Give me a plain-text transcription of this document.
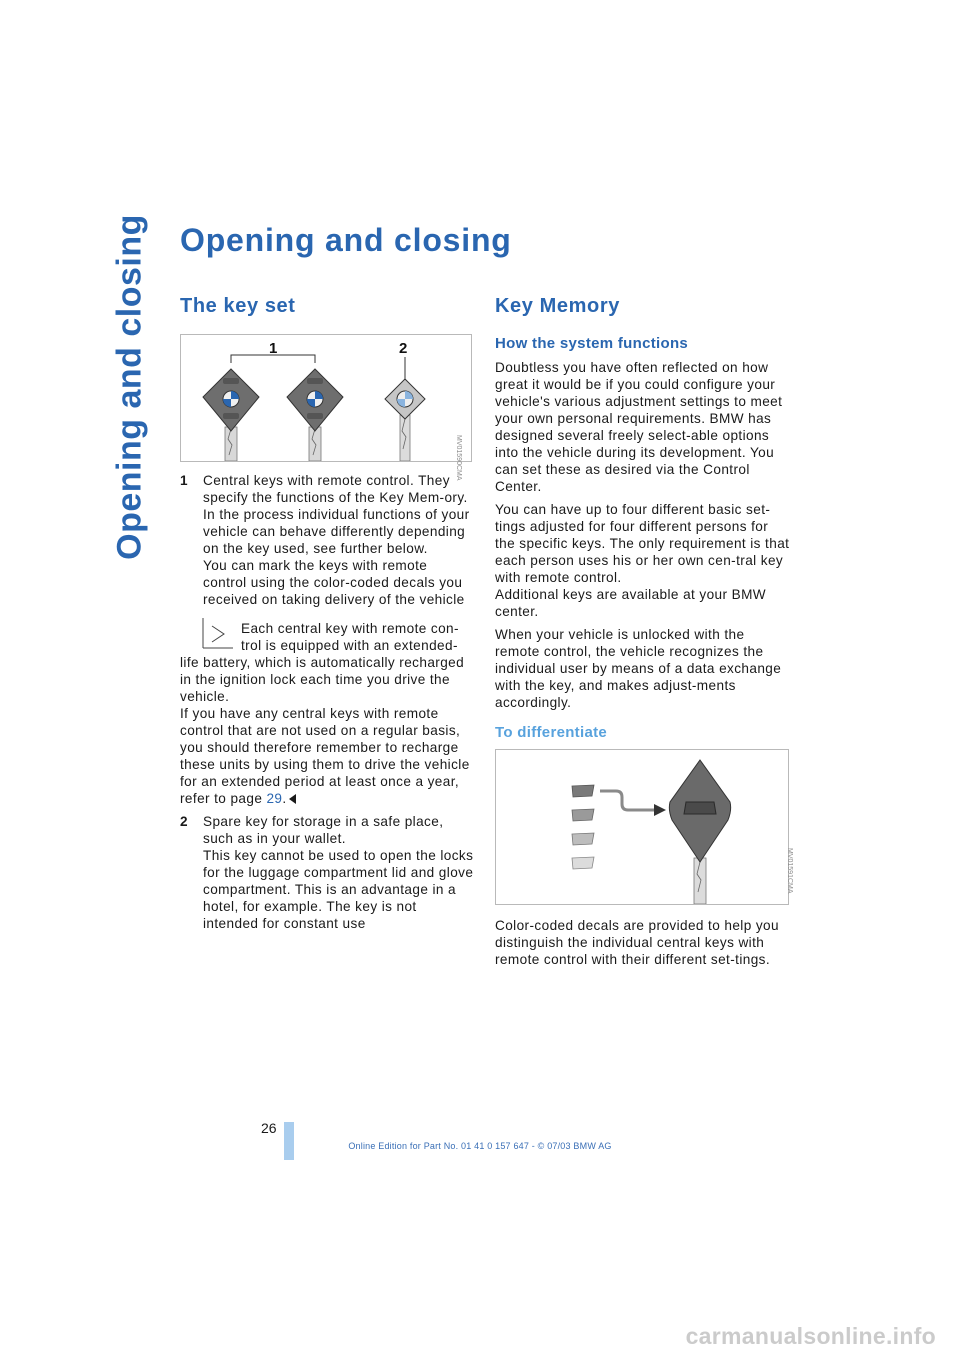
Opening and closing Opening and closing
The key set
1	2
MV01590CMA
1 Central keys with remote control. They specify the functions of the Key Mem-ory. In the process individual functions of your vehicle can behave differently depending on the key used, see further below.
You can mark the keys with remote control using the color-coded decals you received on taking delivery of the vehicle
Each central key with remote con-trol is equipped with an extended-
life battery, which is automatically recharged in the ignition lock each time you drive the vehicle.
If you have any central keys with remote control that are not used on a regular basis, you should therefore remember to recharge these units by using them to drive the vehicle for an extended period at least once a year, refer to page 29.
2 Spare key for storage in a safe place, such as in your wallet.
This key cannot be used to open the locks for the luggage compartment lid and glove compartment. This is an advantage in a hotel, for example. The key is not intended for constant use
Key Memory
How the system functions

Doubtless you have often reflected on how great it would be if you could configure your vehicle's various adjustment settings to meet your own personal requirements. BMW has designed several freely select-able options into the vehicle during its development. You can set these as desired via the Control Center.

You can have up to four different basic set-tings adjusted for four different persons for the specific keys. The only requirement is that each person uses his or her own cen-tral key with remote control.

Additional keys are available at your BMW center.

When your vehicle is unlocked with the remote control, the vehicle recognizes the individual user by means of a data exchange with the key, and makes adjust-ments accordingly.

To differentiate
MV01591CMA

Color-coded decals are provided to help you distinguish the individual central keys with remote control with their different set-tings.

26
Online Edition for Part No. 01 41 0 157 647 - © 07/03 BMW AG
carmanualsonline.info
